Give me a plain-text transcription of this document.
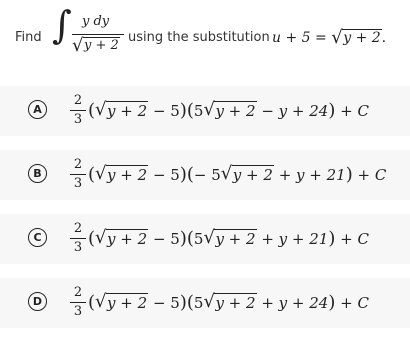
Find ∫ y dy
√ y + 2
using the substitution u + 5 = √ y + 2.
A
2
3 ( √ y + 2 − 5)(5 √ y + 2 − y + 24) + C
B
2
3 ( √ y + 2 − 5)(− 5 √ y + 2 + y + 21) + C
C
2
3 ( √ y + 2 − 5)(5 √ y + 2 + y + 21) + C
D
2
3 ( √ y + 2 − 5)(5 √ y + 2 + y + 24) + C
